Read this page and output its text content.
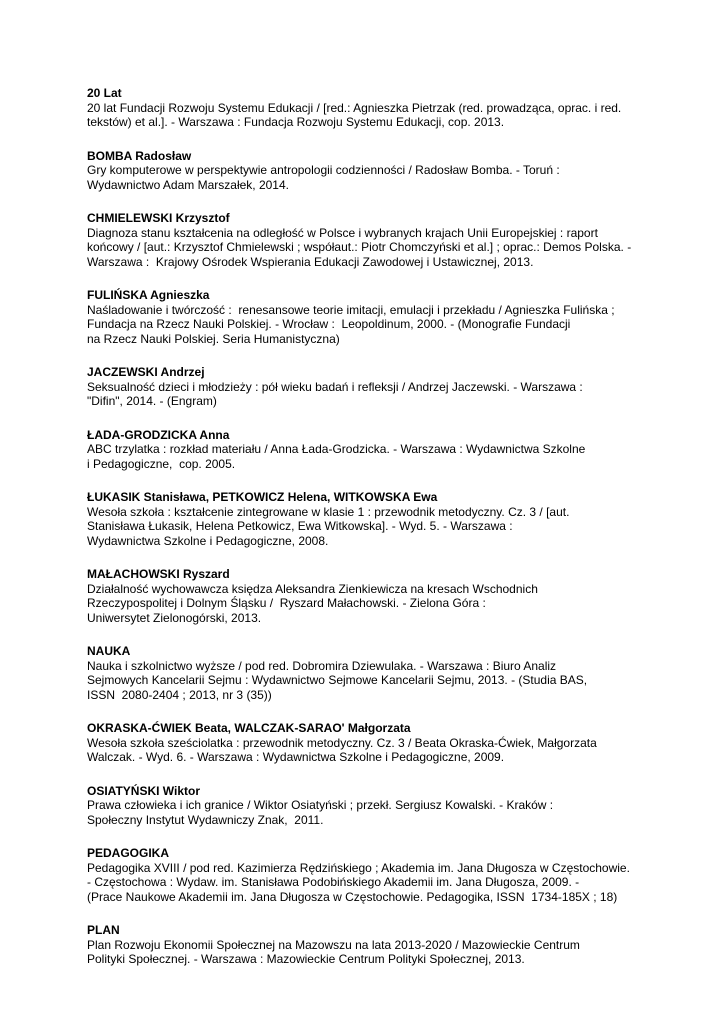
20 Lat

20 lat Fundacji Rozwoju Systemu Edukacji / [red.: Agnieszka Pietrzak (red. prowadząca, oprac. i red.

tekstów) et al.]. - Warszawa : Fundacja Rozwoju Systemu Edukacji, cop. 2013.

BOMBA Radosław

Gry komputerowe w perspektywie antropologii codzienności / Radosław Bomba. - Toruń :

Wydawnictwo Adam Marszałek, 2014.

CHMIELEWSKI Krzysztof

Diagnoza stanu kształcenia na odległość w Polsce i wybranych krajach Unii Europejskiej : raport

końcowy / [aut.: Krzysztof Chmielewski ; współaut.: Piotr Chomczyński et al.] ; oprac.: Demos Polska. -

Warszawa :  Krajowy Ośrodek Wspierania Edukacji Zawodowej i Ustawicznej, 2013.

FULIŃSKA Agnieszka

Naśladowanie i twórczość :  renesansowe teorie imitacji, emulacji i przekładu / Agnieszka Fulińska ;

Fundacja na Rzecz Nauki Polskiej. - Wrocław :  Leopoldinum, 2000. - (Monografie Fundacji

na Rzecz Nauki Polskiej. Seria Humanistyczna)

JACZEWSKI Andrzej

Seksualność dzieci i młodzieży : pół wieku badań i refleksji / Andrzej Jaczewski. - Warszawa :

"Difin", 2014. - (Engram)

ŁADA-GRODZICKA Anna

ABC trzylatka : rozkład materiału / Anna Łada-Grodzicka. - Warszawa : Wydawnictwa Szkolne

i Pedagogiczne,  cop. 2005.

ŁUKASIK Stanisława, PETKOWICZ Helena, WITKOWSKA Ewa

Wesoła szkoła : kształcenie zintegrowane w klasie 1 : przewodnik metodyczny. Cz. 3 / [aut.

Stanisława Łukasik, Helena Petkowicz, Ewa Witkowska]. - Wyd. 5. - Warszawa :

Wydawnictwa Szkolne i Pedagogiczne, 2008.

MAŁACHOWSKI Ryszard

Działalność wychowawcza księdza Aleksandra Zienkiewicza na kresach Wschodnich

Rzeczypospolitej i Dolnym Śląsku /  Ryszard Małachowski. - Zielona Góra :

Uniwersytet Zielonogórski, 2013.

NAUKA

Nauka i szkolnictwo wyższe / pod red. Dobromira Dziewulaka. - Warszawa : Biuro Analiz

Sejmowych Kancelarii Sejmu : Wydawnictwo Sejmowe Kancelarii Sejmu, 2013. - (Studia BAS,

ISSN  2080-2404 ; 2013, nr 3 (35))

OKRASKA-ĆWIEK Beata, WALCZAK-SARAO' Małgorzata

Wesoła szkoła sześciolatka : przewodnik metodyczny. Cz. 3 / Beata Okraska-Ćwiek, Małgorzata

Walczak. - Wyd. 6. - Warszawa : Wydawnictwa Szkolne i Pedagogiczne, 2009.

OSIATYŃSKI Wiktor

Prawa człowieka i ich granice / Wiktor Osiatyński ; przekł. Sergiusz Kowalski. - Kraków :

Społeczny Instytut Wydawniczy Znak,  2011.

PEDAGOGIKA

Pedagogika XVIII / pod red. Kazimierza Rędzińskiego ; Akademia im. Jana Długosza w Częstochowie.

- Częstochowa : Wydaw. im. Stanisława Podobińskiego Akademii im. Jana Długosza, 2009. -

(Prace Naukowe Akademii im. Jana Długosza w Częstochowie. Pedagogika, ISSN  1734-185X ; 18)

PLAN

Plan Rozwoju Ekonomii Społecznej na Mazowszu na lata 2013-2020 / Mazowieckie Centrum

Polityki Społecznej. - Warszawa : Mazowieckie Centrum Polityki Społecznej, 2013.
